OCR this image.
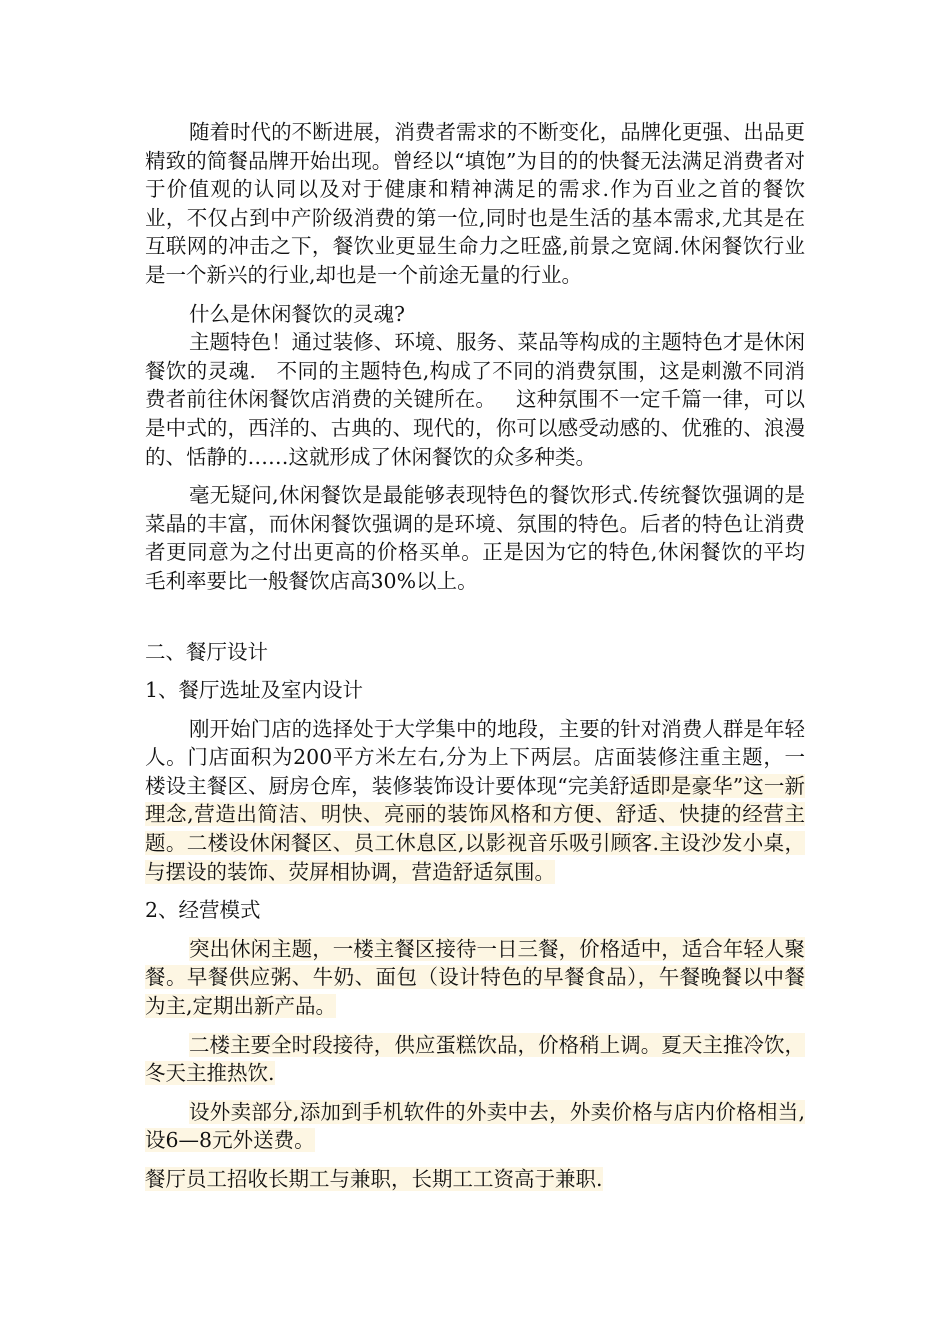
随着时代的不断进展，消费者需求的不断变化，品牌化更强、出品更精致的简餐品牌开始出现。曾经以“填饱”为目的的快餐无法满足消费者对于价值观的认同以及对于健康和精神满足的需求.作为百业之首的餐饮业，不仅占到中产阶级消费的第一位,同时也是生活的基本需求,尤其是在互联网的冲击之下，餐饮业更显生命力之旺盛,前景之宽阔.休闲餐饮行业是一个新兴的行业,却也是一个前途无量的行业。

什么是休闲餐饮的灵魂?

主题特色！通过装修、环境、服务、菜品等构成的主题特色才是休闲餐饮的灵魂.   不同的主题特色,构成了不同的消费氛围，这是刺激不同消费者前往休闲餐饮店消费的关键所在。   这种氛围不一定千篇一律，可以是中式的，西洋的、古典的、现代的，你可以感受动感的、优雅的、浪漫的、恬静的……这就形成了休闲餐饮的众多种类。

毫无疑问,休闲餐饮是最能够表现特色的餐饮形式.传统餐饮强调的是菜晶的丰富，而休闲餐饮强调的是环境、氛围的特色。后者的特色让消费者更同意为之付出更高的价格买单。正是因为它的特色,休闲餐饮的平均毛利率要比一般餐饮店高30%以上。

二、餐厅设计

1、餐厅选址及室内设计

刚开始门店的选择处于大学集中的地段，主要的针对消费人群是年轻人。门店面积为200平方米左右,分为上下两层。店面装修注重主题，一楼设主餐区、厨房仓库，装修装饰设计要体现“完美舒适即是豪华”这一新理念,营造出简洁、明快、亮丽的装饰风格和方便、舒适、快捷的经营主题。二楼设休闲餐区、员工休息区,以影视音乐吸引顾客.主设沙发小桌，与摆设的装饰、荧屏相协调，营造舒适氛围。

2、经营模式

突出休闲主题，一楼主餐区接待一日三餐，价格适中，适合年轻人聚餐。早餐供应粥、牛奶、面包（设计特色的早餐食品），午餐晚餐以中餐为主,定期出新产品。

二楼主要全时段接待，供应蛋糕饮品，价格稍上调。夏天主推冷饮，冬天主推热饮.

设外卖部分,添加到手机软件的外卖中去，外卖价格与店内价格相当,设6—8元外送费。

餐厅员工招收长期工与兼职，长期工工资高于兼职.
